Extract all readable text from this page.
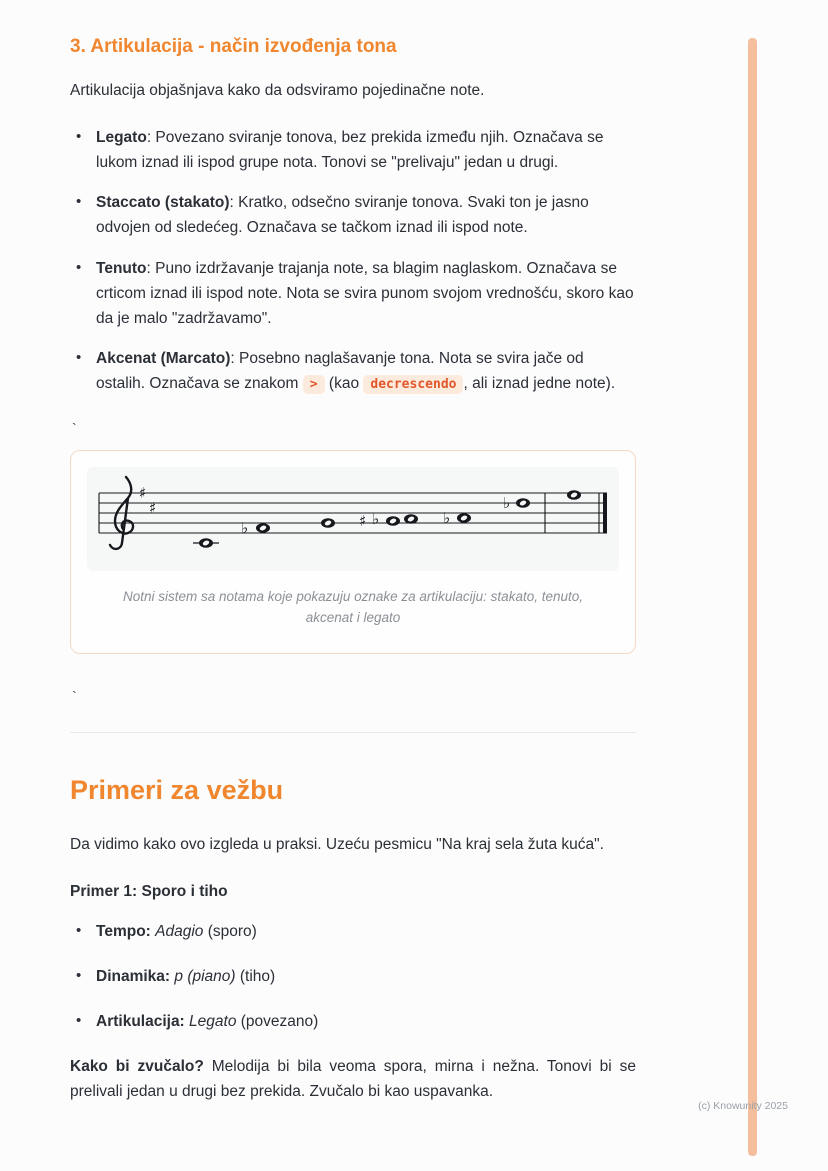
3. Artikulacija - način izvođenja tona

Artikulacija objašnjava kako da odsviramo pojedinačne note.

• Legato: Povezano sviranje tonova, bez prekida između njih. Označava se lukom iznad ili ispod grupe nota. Tonovi se "prelivaju" jedan u drugi.
• Staccato (stakato): Kratko, odsečno sviranje tonova. Svaki ton je jasno odvojen od sledećeg. Označava se tačkom iznad ili ispod note.
• Tenuto: Puno izdržavanje trajanja note, sa blagim naglaskom. Označava se crticom iznad ili ispod note. Nota se svira punom svojom vrednošću, skoro kao da je malo "zadržavamo".
• Akcenat (Marcato): Posebno naglašavanje tona. Nota se svira jače od ostalih. Označava se znakom > (kao decrescendo , ali iznad jedne note).
`
♯
♯
♭	♯ ♭	♭
♭
Notni sistem sa notama koje pokazuju oznake za artikulaciju: stakato, tenuto, akcenat i legato
`
Primeri za vežbu

Da vidimo kako ovo izgleda u praksi. Uzeću pesmicu "Na kraj sela žuta kuća".

Primer 1: Sporo i tiho

• Tempo: Adagio (sporo)
• Dinamika: p (piano) (tiho)
• Artikulacija: Legato (povezano)

Kako bi zvučalo? Melodija bi bila veoma spora, mirna i nežna. Tonovi bi se prelivali jedan u drugi bez prekida. Zvučalo bi kao uspavanka.

(c) Knowunity 2025
